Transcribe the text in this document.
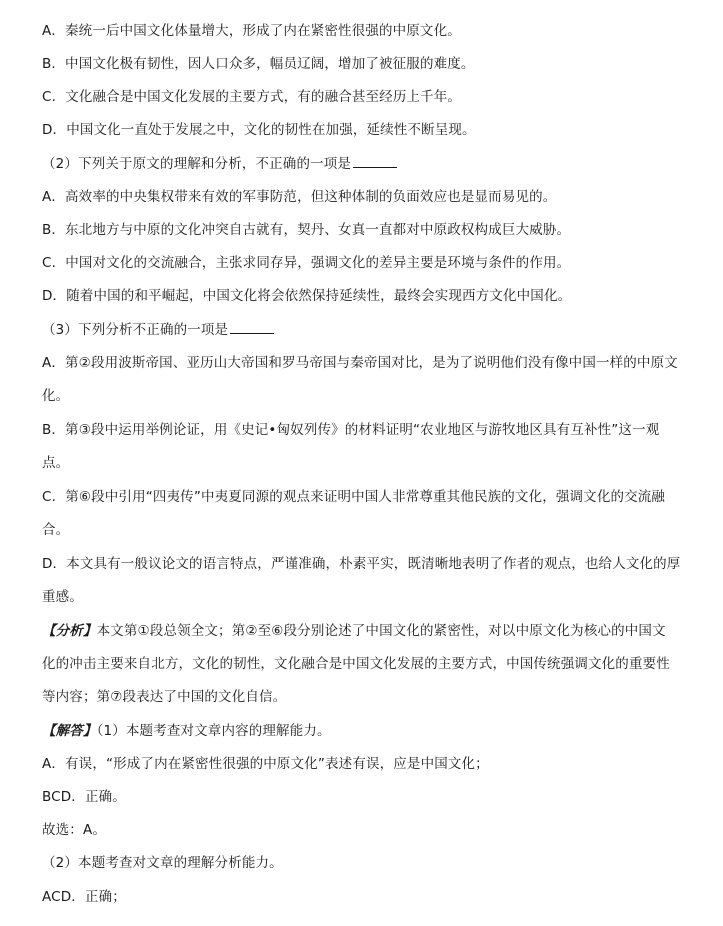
A．秦统一后中国文化体量增大，形成了内在紧密性很强的中原文化。
B．中国文化极有韧性，因人口众多，幅员辽阔，增加了被征服的难度。
C．文化融合是中国文化发展的主要方式，有的融合甚至经历上千年。
D．中国文化一直处于发展之中，文化的韧性在加强，延续性不断呈现。
（2）下列关于原文的理解和分析，不正确的一项是
A．高效率的中央集权带来有效的军事防范，但这种体制的负面效应也是显而易见的。
B．东北地方与中原的文化冲突自古就有，契丹、女真一直都对中原政权构成巨大威胁。
C．中国对文化的交流融合，主张求同存异，强调文化的差异主要是环境与条件的作用。
D．随着中国的和平崛起，中国文化将会依然保持延续性，最终会实现西方文化中国化。
（3）下列分析不正确的一项是
A．第②段用波斯帝国、亚历山大帝国和罗马帝国与秦帝国对比，是为了说明他们没有像中国一样的中原文
化。
B．第③段中运用举例论证，用《史记•匈奴列传》的材料证明“农业地区与游牧地区具有互补性”这一观
点。
C．第⑥段中引用“四夷传”中夷夏同源的观点来证明中国人非常尊重其他民族的文化，强调文化的交流融
合。
D．本文具有一般议论文的语言特点，严谨准确，朴素平实，既清晰地表明了作者的观点，也给人文化的厚
重感。
【分析】本文第①段总领全文；第②至⑥段分别论述了中国文化的紧密性，对以中原文化为核心的中国文
化的冲击主要来自北方，文化的韧性，文化融合是中国文化发展的主要方式，中国传统强调文化的重要性
等内容；第⑦段表达了中国的文化自信。
【解答】（1）本题考查对文章内容的理解能力。
A．有误，“形成了内在紧密性很强的中原文化”表述有误，应是中国文化；
BCD．正确。
故选：A。
（2）本题考查对文章的理解分析能力。
ACD．正确；
